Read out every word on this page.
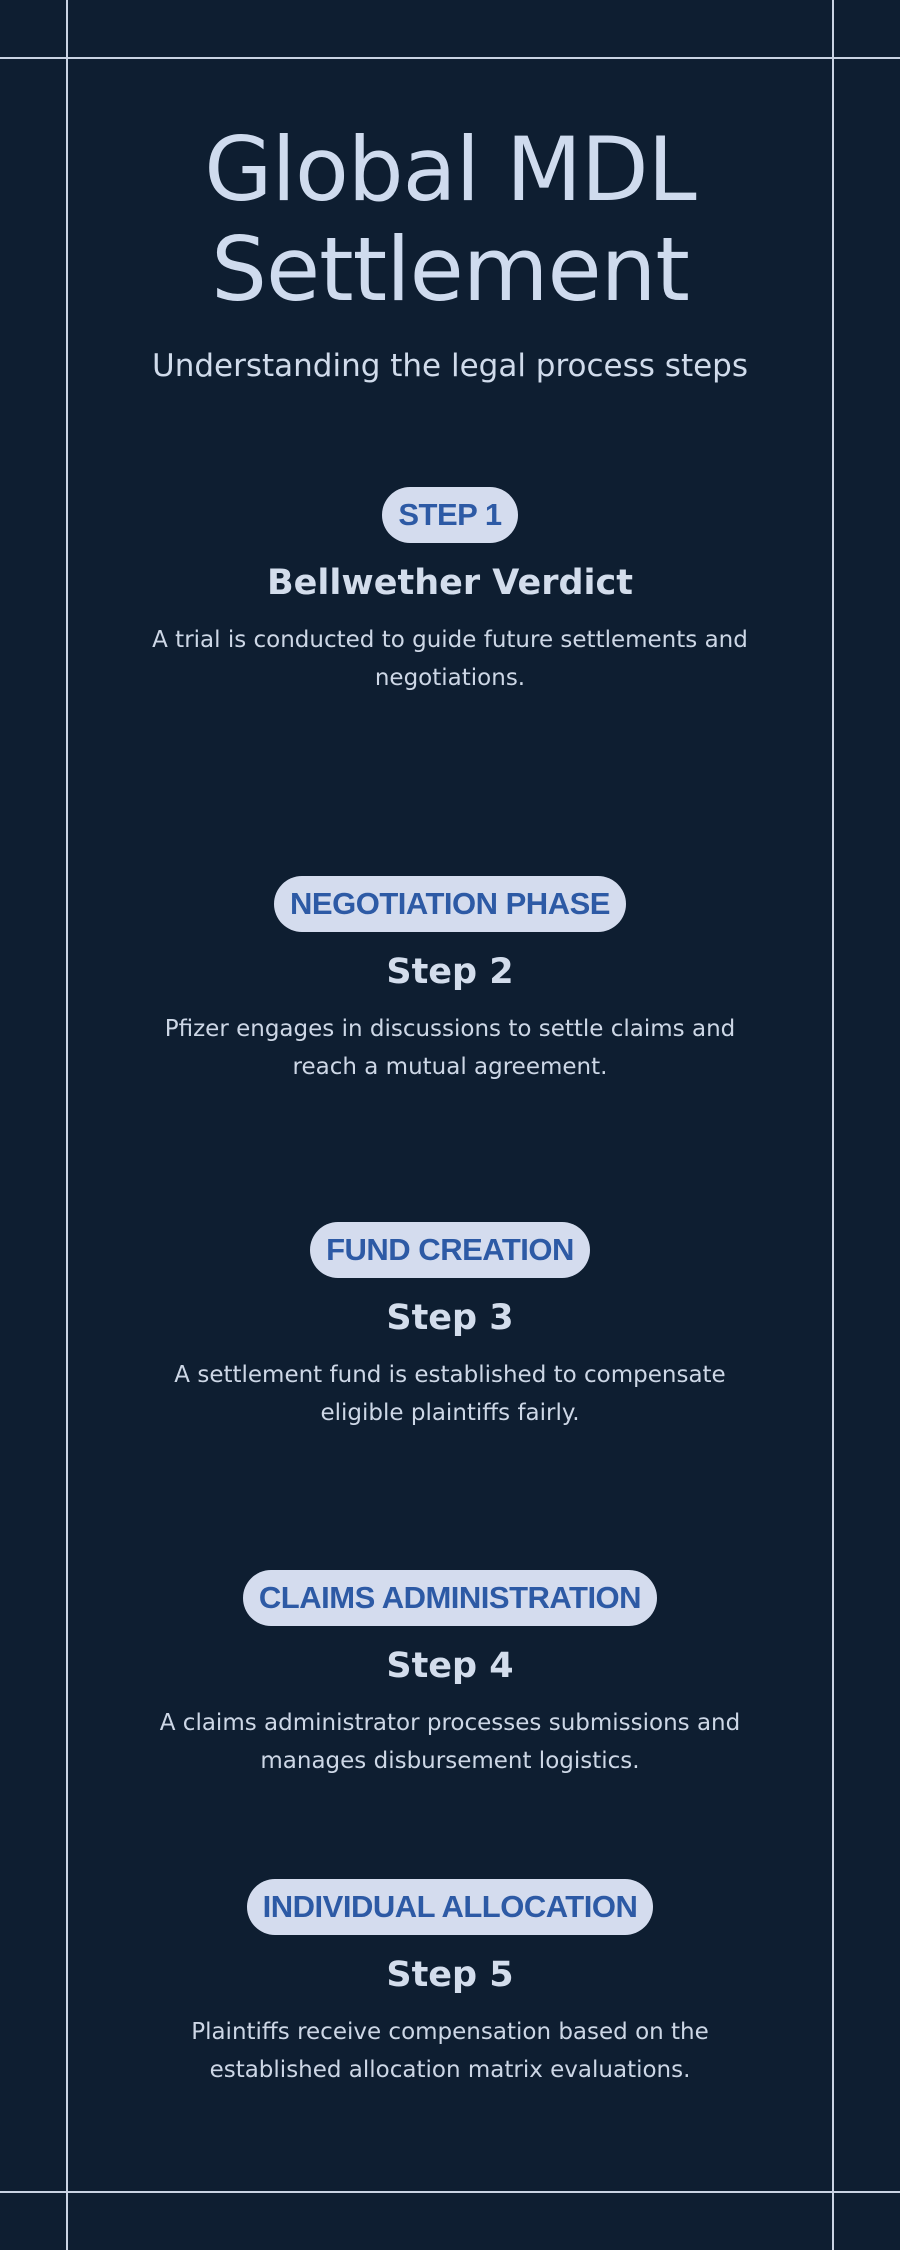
Global MDL
Settlement

Understanding the legal process steps

STEP 1
Bellwether Verdict

A trial is conducted to guide future settlements and negotiations.

NEGOTIATION PHASE
Step 2

Pfizer engages in discussions to settle claims and reach a mutual agreement.

FUND CREATION
Step 3

A settlement fund is established to compensate eligible plaintiffs fairly.

CLAIMS ADMINISTRATION
Step 4

A claims administrator processes submissions and manages disbursement logistics.

INDIVIDUAL ALLOCATION
Step 5

Plaintiffs receive compensation based on the established allocation matrix evaluations.
